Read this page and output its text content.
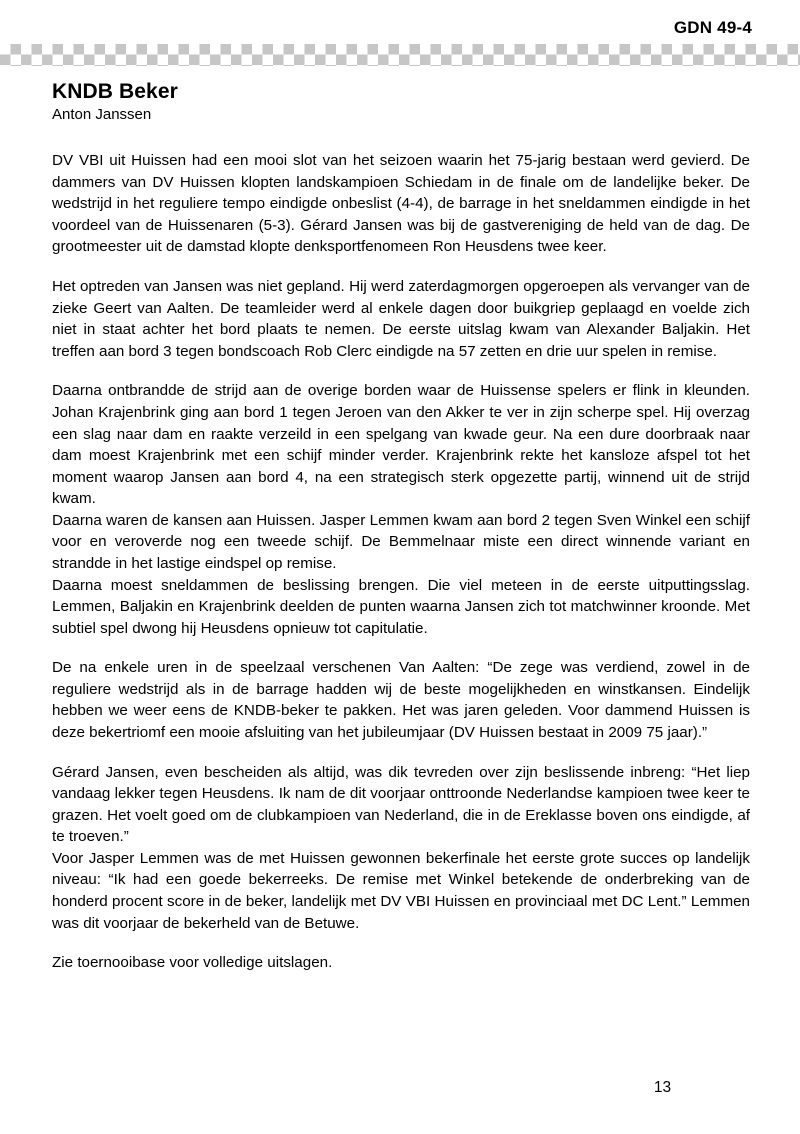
GDN 49-4
KNDB Beker
Anton Janssen

DV VBI uit Huissen had een mooi slot van het seizoen waarin het 75-jarig bestaan werd gevierd. De dammers van DV Huissen klopten landskampioen Schiedam in de finale om de landelijke beker. De wedstrijd in het reguliere tempo eindigde onbeslist (4-4), de barrage in het sneldammen eindigde in het voordeel van de Huissenaren (5-3). Gérard Jansen was bij de gastvereniging de held van de dag. De grootmeester uit de damstad klopte denksportfenomeen Ron Heusdens twee keer.

Het optreden van Jansen was niet gepland. Hij werd zaterdagmorgen opgeroepen als vervanger van de zieke Geert van Aalten. De teamleider werd al enkele dagen door buikgriep geplaagd en voelde zich niet in staat achter het bord plaats te nemen. De eerste uitslag kwam van Alexander Baljakin. Het treffen aan bord 3 tegen bondscoach Rob Clerc eindigde na 57 zetten en drie uur spelen in remise.

Daarna ontbrandde de strijd aan de overige borden waar de Huissense spelers er flink in kleunden. Johan Krajenbrink ging aan bord 1 tegen Jeroen van den Akker te ver in zijn scherpe spel. Hij overzag een slag naar dam en raakte verzeild in een spelgang van kwade geur. Na een dure doorbraak naar dam moest Krajenbrink met een schijf minder verder. Krajenbrink rekte het kansloze afspel tot het moment waarop Jansen aan bord 4, na een strategisch sterk opgezette partij, winnend uit de strijd kwam.

Daarna waren de kansen aan Huissen. Jasper Lemmen kwam aan bord 2 tegen Sven Winkel een schijf voor en veroverde nog een tweede schijf. De Bemmelnaar miste een direct winnende variant en strandde in het lastige eindspel op remise.

Daarna moest sneldammen de beslissing brengen. Die viel meteen in de eerste uitputtingsslag. Lemmen, Baljakin en Krajenbrink deelden de punten waarna Jansen zich tot matchwinner kroonde. Met subtiel spel dwong hij Heusdens opnieuw tot capitulatie.

De na enkele uren in de speelzaal verschenen Van Aalten: “De zege was verdiend, zowel in de reguliere wedstrijd als in de barrage hadden wij de beste mogelijkheden en winstkansen. Eindelijk hebben we weer eens de KNDB-beker te pakken. Het was jaren geleden. Voor dammend Huissen is deze bekertriomf een mooie afsluiting van het jubileumjaar (DV Huissen bestaat in 2009 75 jaar).”

Gérard Jansen, even bescheiden als altijd, was dik tevreden over zijn beslissende inbreng: “Het liep vandaag lekker tegen Heusdens. Ik nam de dit voorjaar onttroonde Nederlandse kampioen twee keer te grazen. Het voelt goed om de clubkampioen van Nederland, die in de Ereklasse boven ons eindigde, af te troeven.”

Voor Jasper Lemmen was de met Huissen gewonnen bekerfinale het eerste grote succes op landelijk niveau: “Ik had een goede bekerreeks. De remise met Winkel betekende de onderbreking van de honderd procent score in de beker, landelijk met DV VBI Huissen en provinciaal met DC Lent.” Lemmen was dit voorjaar de bekerheld van de Betuwe.

Zie toernooibase voor volledige uitslagen.

13
